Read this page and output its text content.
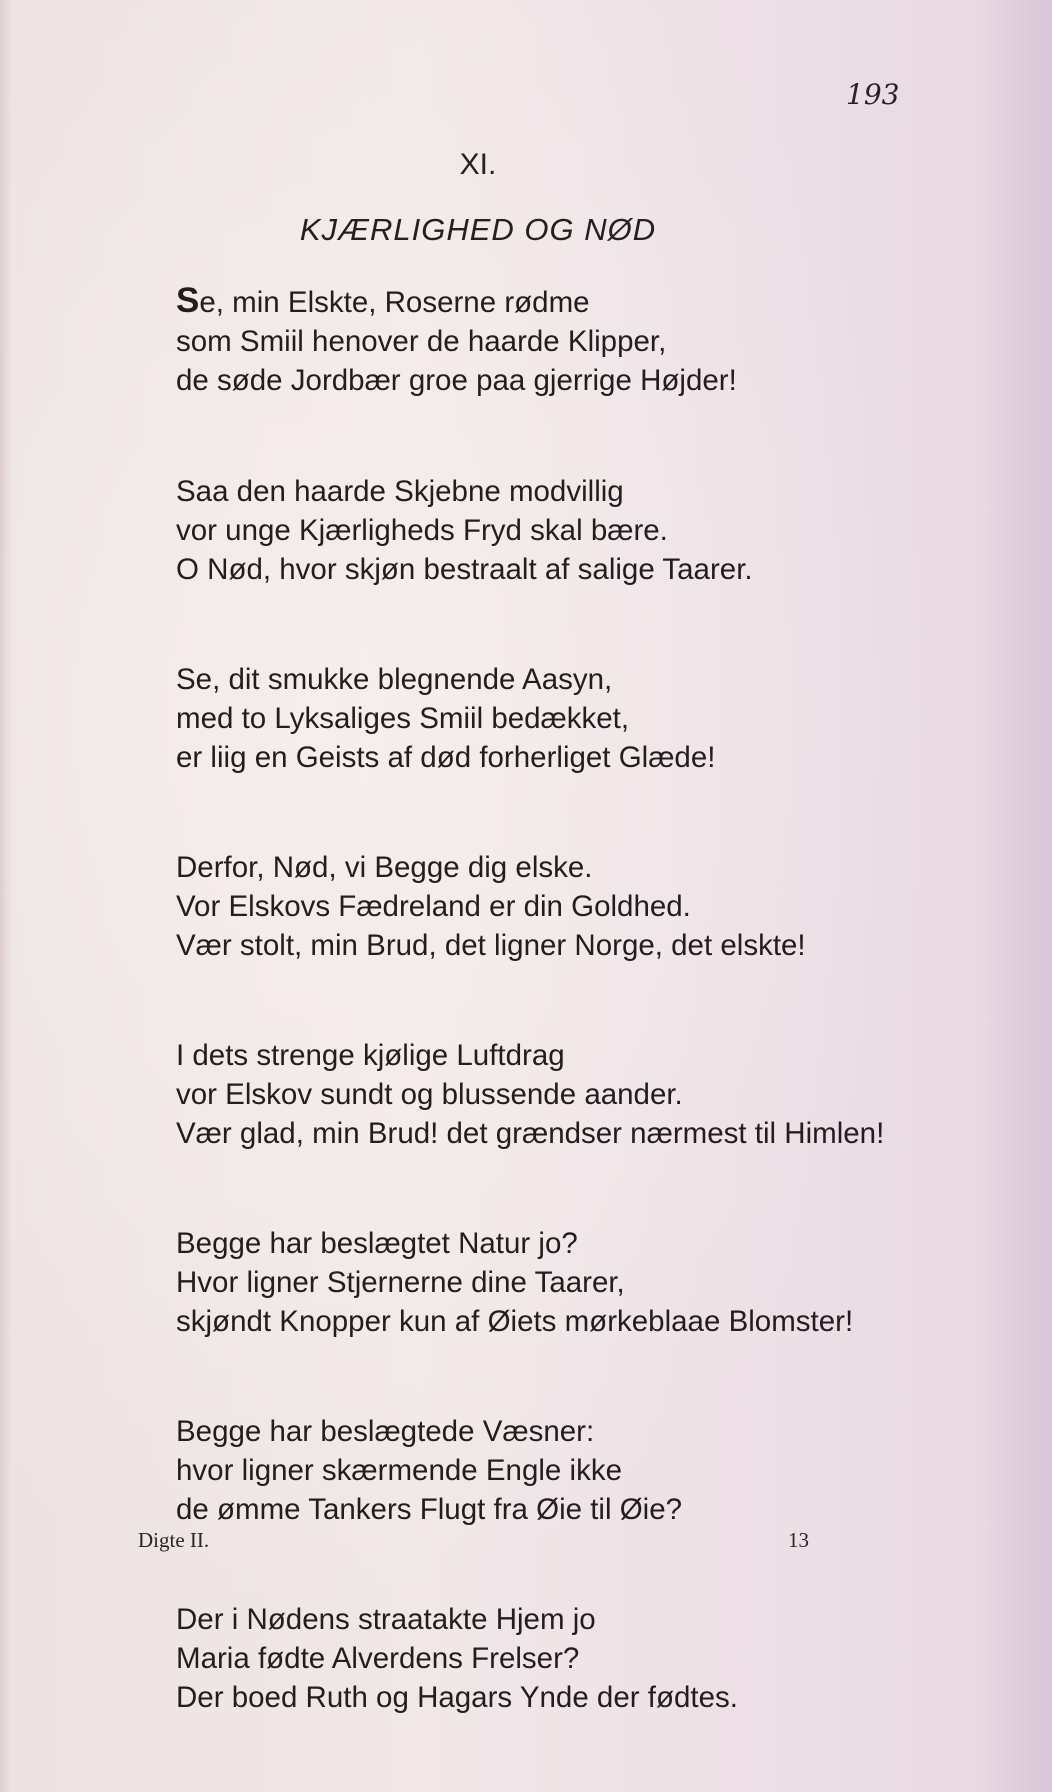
193
XI.
KJÆRLIGHED OG NØD
Se, min Elskte, Roserne rødme
som Smiil henover de haarde Klipper,
de søde Jordbær groe paa gjerrige Højder!
Saa den haarde Skjebne modvillig
vor unge Kjærligheds Fryd skal bære.
O Nød, hvor skjøn bestraalt af salige Taarer.
Se, dit smukke blegnende Aasyn,
med to Lyksaliges Smiil bedækket,
er liig en Geists af død forherliget Glæde!
Derfor, Nød, vi Begge dig elske.
Vor Elskovs Fædreland er din Goldhed.
Vær stolt, min Brud, det ligner Norge, det elskte!
I dets strenge kjølige Luftdrag
vor Elskov sundt og blussende aander.
Vær glad, min Brud! det grændser nærmest til Himlen!
Begge har beslægtet Natur jo?
Hvor ligner Stjernerne dine Taarer,
skjøndt Knopper kun af Øiets mørkeblaae Blomster!
Begge har beslægtede Væsner:
hvor ligner skærmende Engle ikke
de ømme Tankers Flugt fra Øie til Øie?
Der i Nødens straatakte Hjem jo
Maria fødte Alverdens Frelser?
Der boed Ruth og Hagars Ynde der fødtes.
Digte II.	13
